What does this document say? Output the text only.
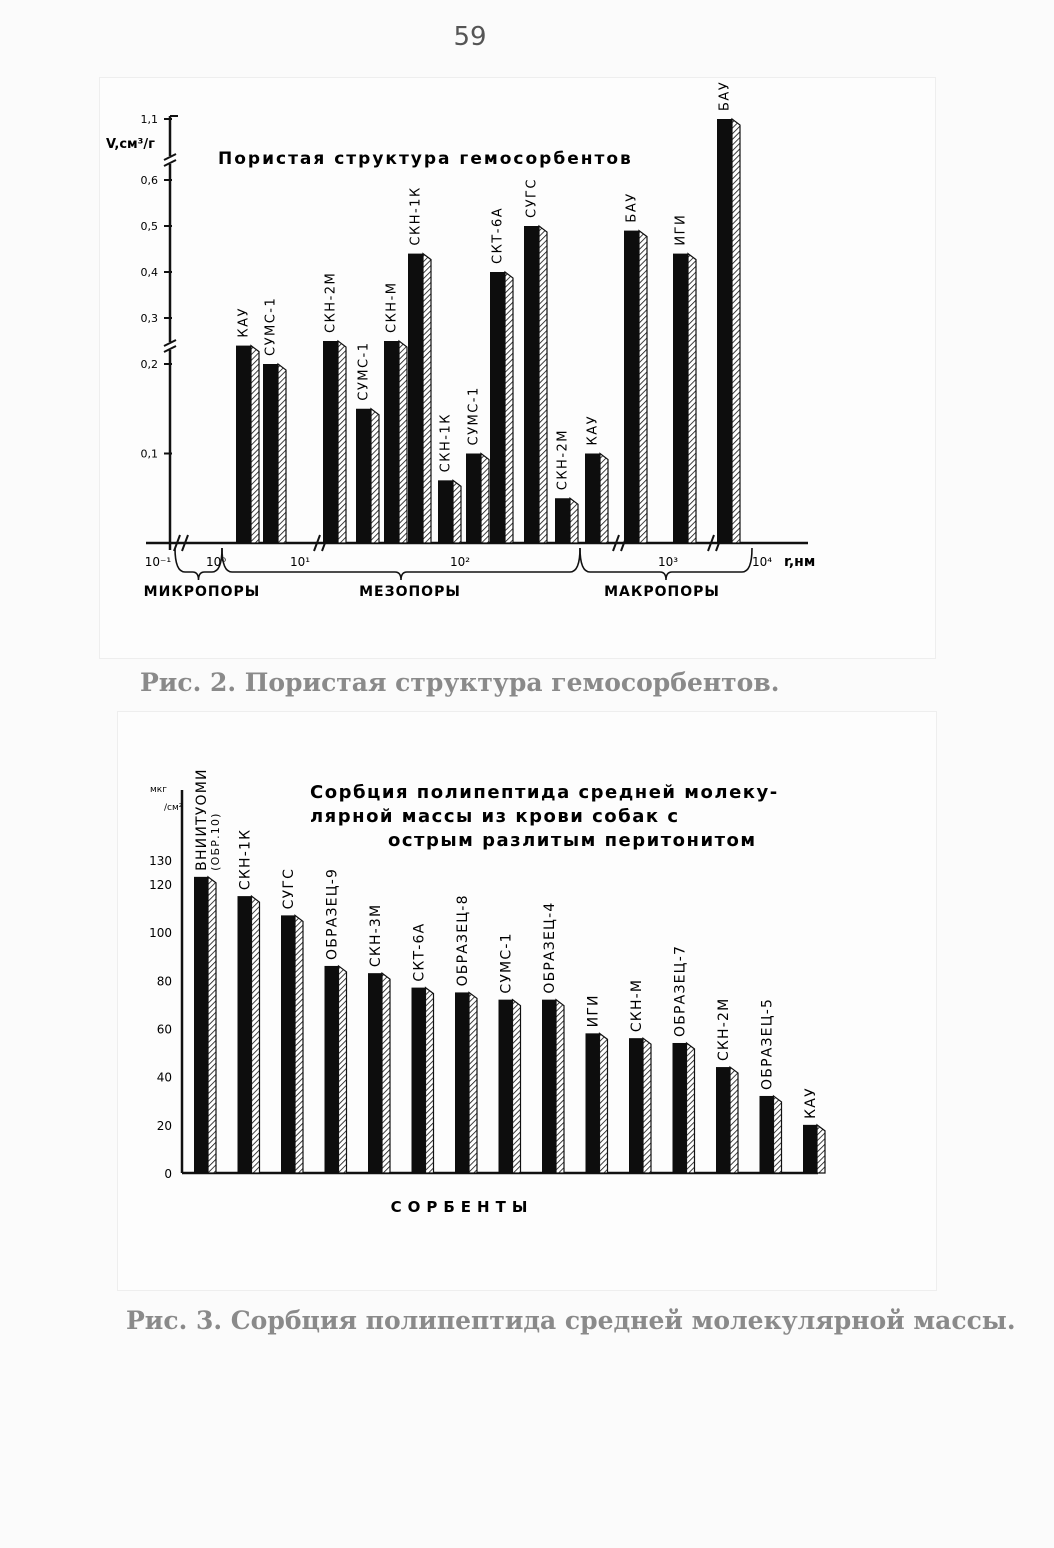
59
0,1
0,2
0,3
0,4
0,5
0,6
1,1
V,см³/г
Пористая структура гемосорбентов
10⁻¹	10⁰	10¹	10²	10³	10⁴ r,нм
МИКРОПОРЫ	МЕЗОПОРЫ	МАКРОПОРЫ
КАУ СУМС-1	СКН-2М
СУМС-1
СКН-М
СКН-1К
СКН-1К СУМС-1
СКТ-6А
СУГС
СКН-2М КАУ
БАУ
ИГИ
БАУ
Рис. 2. Пористая структура гемосорбентов.
0
20
40
60
80
100
120
130
мкг
/см²
Сорбция полипептида средней молеку-
лярной массы из крови собак с
острым разлитым перитонитом
СОРБЕНТЫ
ВНИИТУОМИ (ОБР.10) СКН-1К СУГС ОБРАЗЕЦ-9 СКН-3М СКТ-6А ОБРАЗЕЦ-8 СУМС-1 ОБРАЗЕЦ-4
ИГИ СКН-М ОБРАЗЕЦ-7 СКН-2М ОБРАЗЕЦ-5
КАУ
Рис. 3. Сорбция полипептида средней молекулярной массы.
